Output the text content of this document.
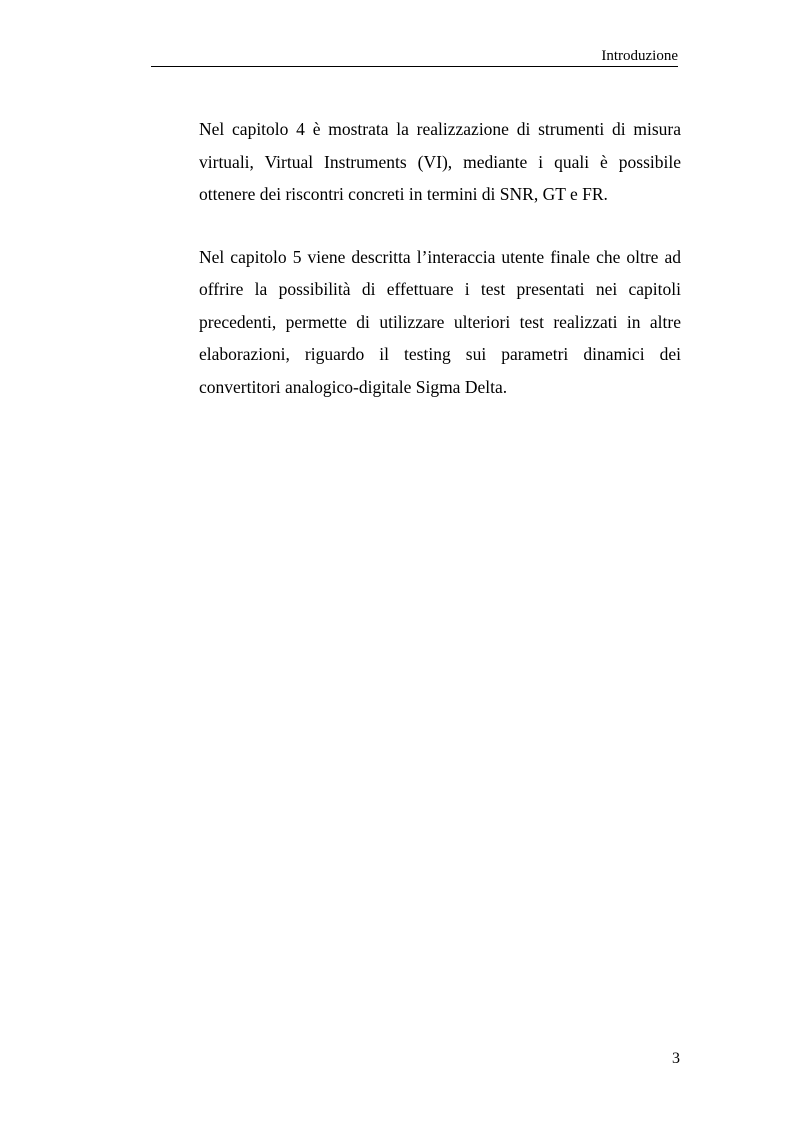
Introduzione

Nel capitolo 4 è mostrata la realizzazione di strumenti di misura virtuali, Virtual Instruments (VI), mediante i quali è possibile ottenere dei riscontri concreti in termini di SNR, GT e FR.

Nel capitolo 5 viene descritta l’interaccia utente finale che oltre ad offrire la possibilità di effettuare i test presentati nei capitoli precedenti, permette di utilizzare ulteriori test realizzati in altre elaborazioni, riguardo il testing sui parametri dinamici dei convertitori analogico-digitale Sigma Delta.

3
